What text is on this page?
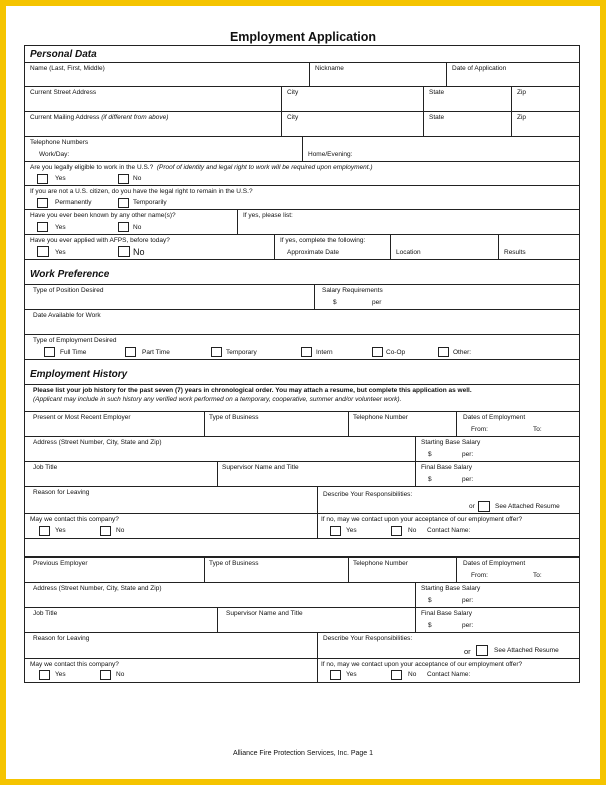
Employment Application
Personal Data
Name (Last, First, Middle)	Nickname	Date of Application
Current Street Address	City	State	Zip
Current Mailing Address (if different from above)	City	State	Zip
Telephone Numbers
Work/Day:	Home/Evening:
Are you legally eligible to work in the U.S.? (Proof of identity and legal right to work will be required upon employment.)
Yes	No
If you are not a U.S. citizen, do you have the legal right to remain in the U.S.?
Permanently	Temporarily
Have you ever been known by any other name(s)?
Yes	No
If yes, please list:
Have you ever applied with AFPS, before today?
Yes	No
If yes, complete the following:
Approximate Date	Location	Results
Work Preference
Type of Position Desired	Salary Requirements
$	per
Date Available for Work
Type of Employment Desired
Full Time	Part Time	Temporary	Intern	Co-Op	Other:
Employment History
Please list your job history for the past seven (7) years in chronological order. You may attach a resume, but complete this application as well.
(Applicant may include in such history any verified work performed on a temporary, cooperative, summer and/or volunteer work).
Present or Most Recent Employer	Type of Business	Telephone Number	Dates of Employment
From:	To:
Address (Street Number, City, State and Zip)	Starting Base Salary
$	per:
Job Title	Supervisor Name and Title	Final Base Salary
$	per:
Reason for Leaving	Describe Your Responsibilities:
or	See Attached Resume
May we contact this company?
Yes	No
If no, may we contact upon your acceptance of our employment offer?
Yes	No Contact Name:
Previous Employer	Type of Business	Telephone Number	Dates of Employment
From:	To:
Address (Street Number, City, State and Zip)	Starting Base Salary
$	per:
Job Title	Supervisor Name and Title	Final Base Salary
$	per:
Reason for Leaving	Describe Your Responsibilities:
or	See Attached Resume
May we contact this company?
Yes	No
If no, may we contact upon your acceptance of our employment offer?
Yes	No Contact Name:
Alliance Fire Protection Services, Inc. Page 1
